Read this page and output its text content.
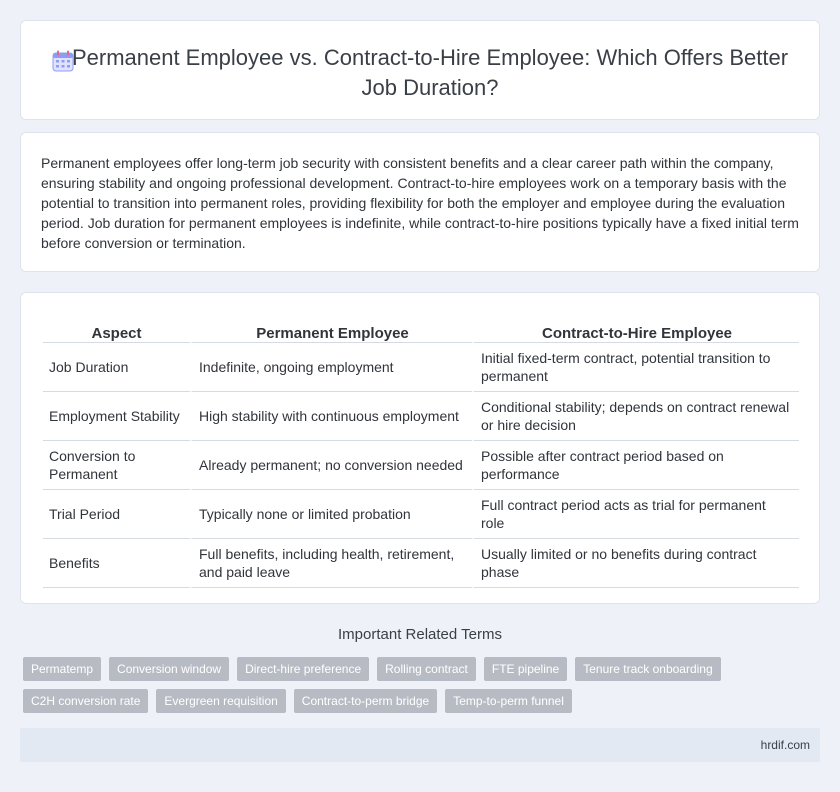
Permanent Employee vs. Contract-to-Hire Employee: Which Offers Better Job Duration?

Permanent employees offer long-term job security with consistent benefits and a clear career path within the company, ensuring stability and ongoing professional development. Contract-to-hire employees work on a temporary basis with the potential to transition into permanent roles, providing flexibility for both the employer and employee during the evaluation period. Job duration for permanent employees is indefinite, while contract-to-hire positions typically have a fixed initial term before conversion or termination.

Aspect	Permanent Employee	Contract-to-Hire Employee
Job Duration	Indefinite, ongoing employment	Initial fixed-term contract, potential transition to permanent
Employment Stability	High stability with continuous employment	Conditional stability; depends on contract renewal or hire decision
Conversion to Permanent	Already permanent; no conversion needed	Possible after contract period based on performance
Trial Period	Typically none or limited probation	Full contract period acts as trial for permanent role
Benefits	Full benefits, including health, retirement, and paid leave	Usually limited or no benefits during contract phase
Important Related Terms
Permatemp	Conversion window	Direct-hire preference	Rolling contract	FTE pipeline	Tenure track onboarding
C2H conversion rate	Evergreen requisition	Contract-to-perm bridge	Temp-to-perm funnel
hrdif.com
